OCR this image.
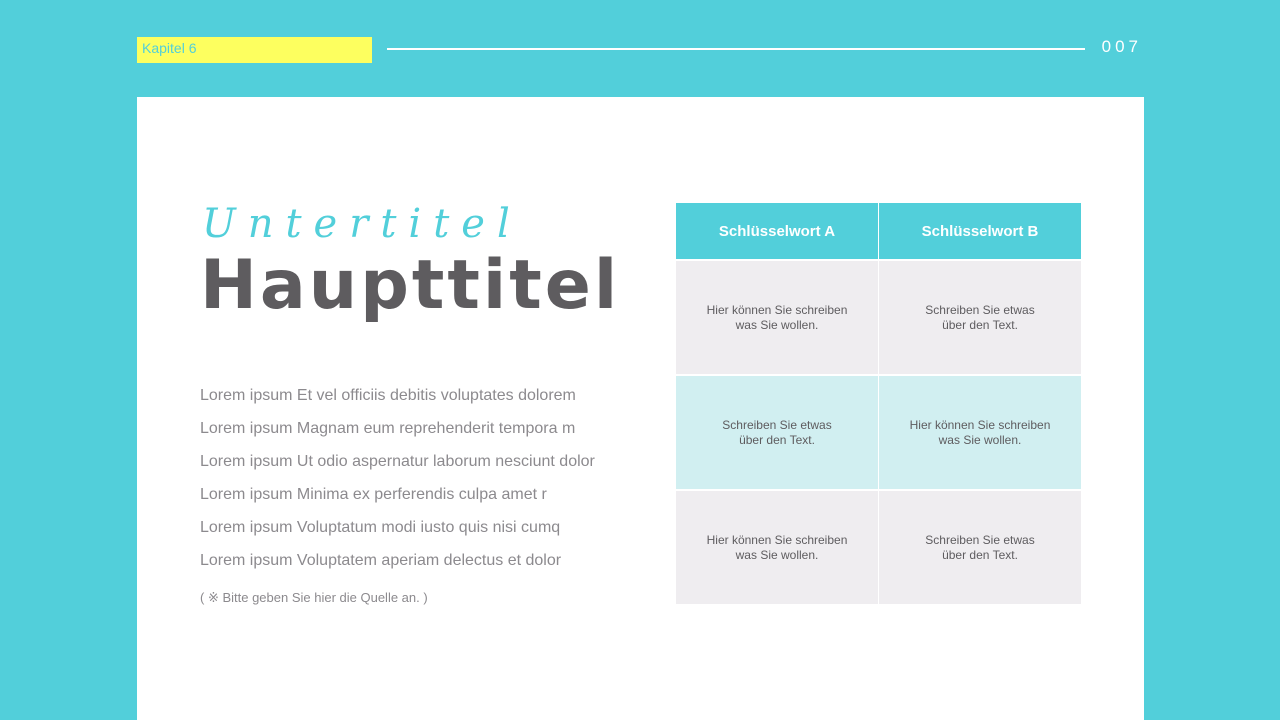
Kapitel 6	007
Untertitel
Haupttitel
Lorem ipsum Et vel officiis debitis voluptates dolorem
Lorem ipsum Magnam eum reprehenderit tempora m
Lorem ipsum Ut odio aspernatur laborum nesciunt dolor
Lorem ipsum Minima ex perferendis culpa amet r
Lorem ipsum Voluptatum modi iusto quis nisi cumq
Lorem ipsum Voluptatem aperiam delectus et dolor
( ※ Bitte geben Sie hier die Quelle an. )
Schlüsselwort A	Schlüsselwort B

Hier können Sie schreiben
was Sie wollen.	Schreiben Sie etwas
über den Text.

Schreiben Sie etwas
über den Text.	Hier können Sie schreiben
was Sie wollen.

Hier können Sie schreiben
was Sie wollen.	Schreiben Sie etwas
über den Text.
